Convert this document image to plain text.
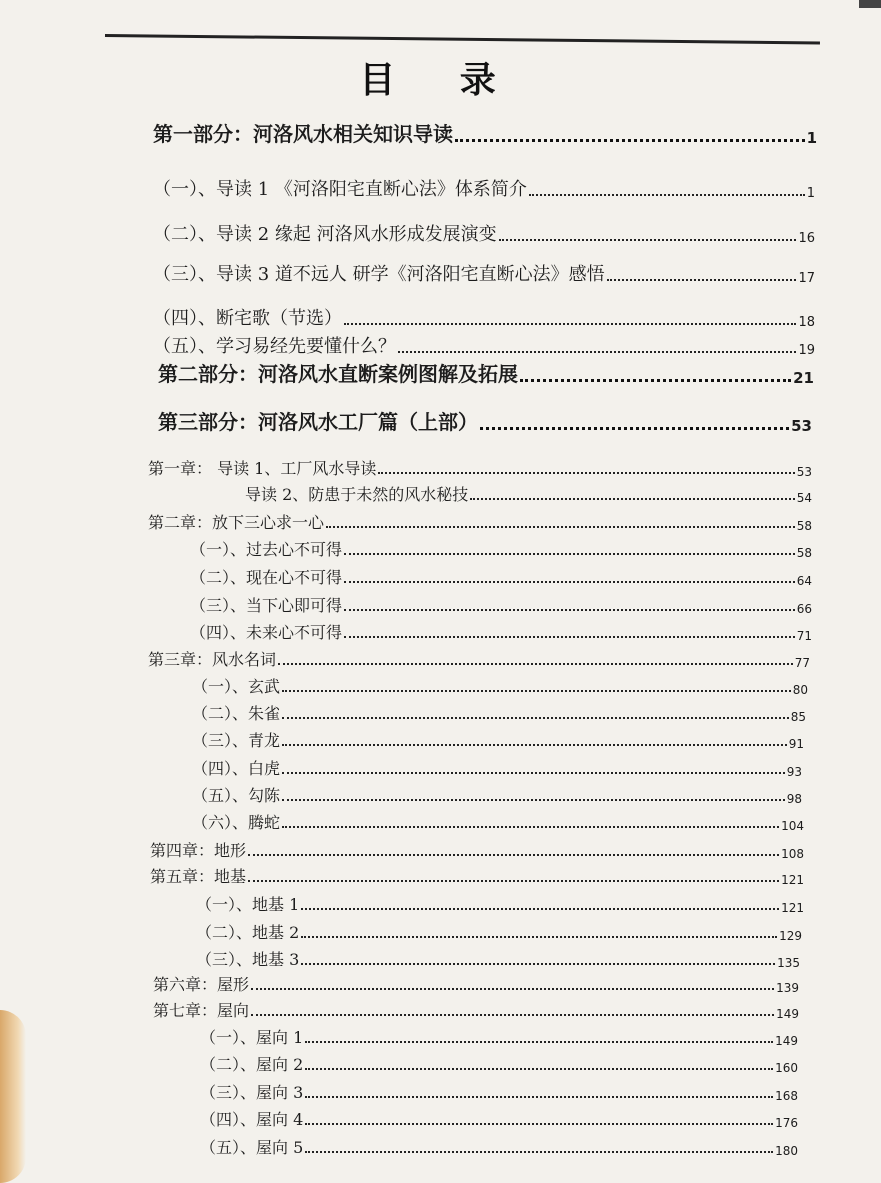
目 录
第一部分：河洛风水相关知识导读	1
（一）、导读 1 《河洛阳宅直断心法》体系简介	1
（二）、导读 2 缘起 河洛风水形成发展演变	16
（三）、导读 3 道不远人 研学《河洛阳宅直断心法》感悟	17
（四）、断宅歌（节选）	18
（五）、学习易经先要懂什么？	19
第二部分：河洛风水直断案例图解及拓展	21
第三部分：河洛风水工厂篇（上部）	53
第一章： 导读 1、工厂风水导读	53
导读 2、防患于未然的风水秘技	54
第二章：放下三心求一心	58
（一）、过去心不可得	58
（二）、现在心不可得	64
（三）、当下心即可得	66
（四）、未来心不可得	71
第三章：风水名词	77
（一）、玄武	80
（二）、朱雀	85
（三）、青龙	91
（四）、白虎	93
（五）、勾陈	98
（六）、腾蛇	104
第四章：地形	108
第五章：地基	121
（一）、地基 1	121
（二）、地基 2	129
（三）、地基 3	135
第六章：屋形	139
第七章：屋向	149
（一）、屋向 1	149
（二）、屋向 2	160
（三）、屋向 3	168
（四）、屋向 4	176
（五）、屋向 5	180
